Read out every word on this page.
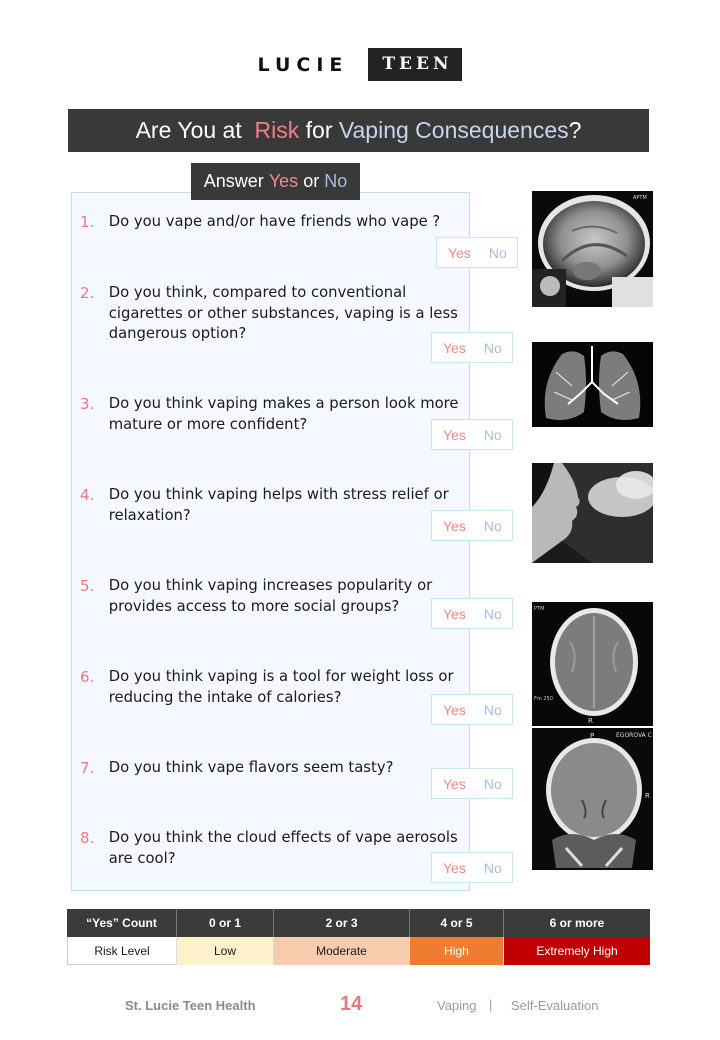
LUCIE	TEEN
Are You at  Risk for Vaping Consequences?
Answer Yes or No
1. Do you vape and/or have friends who vape ?
Yes No
2. Do you think, compared to conventional cigarettes or other substances, vaping is a less dangerous option?
Yes No
3. Do you think vaping makes a person look more mature or more confident?
Yes No
4. Do you think vaping helps with stress relief or relaxation?
Yes No
5. Do you think vaping increases popularity or provides access to more social groups?	Yes No
6. Do you think vaping is a tool for weight loss or reducing the intake of calories?
Yes No
7. Do you think vape flavors seem tasty?
Yes No
8. Do you think the cloud effects of vape aerosols are cool?
Yes No
APTM
PTM
Fm 250
R
EGOROVA C
P
R
“Yes” Count	0 or 1	2 or 3	4 or 5	6 or more
Risk Level	Low	Moderate	High	Extremely High
St. Lucie Teen Health	14	Vaping | Self-Evaluation
